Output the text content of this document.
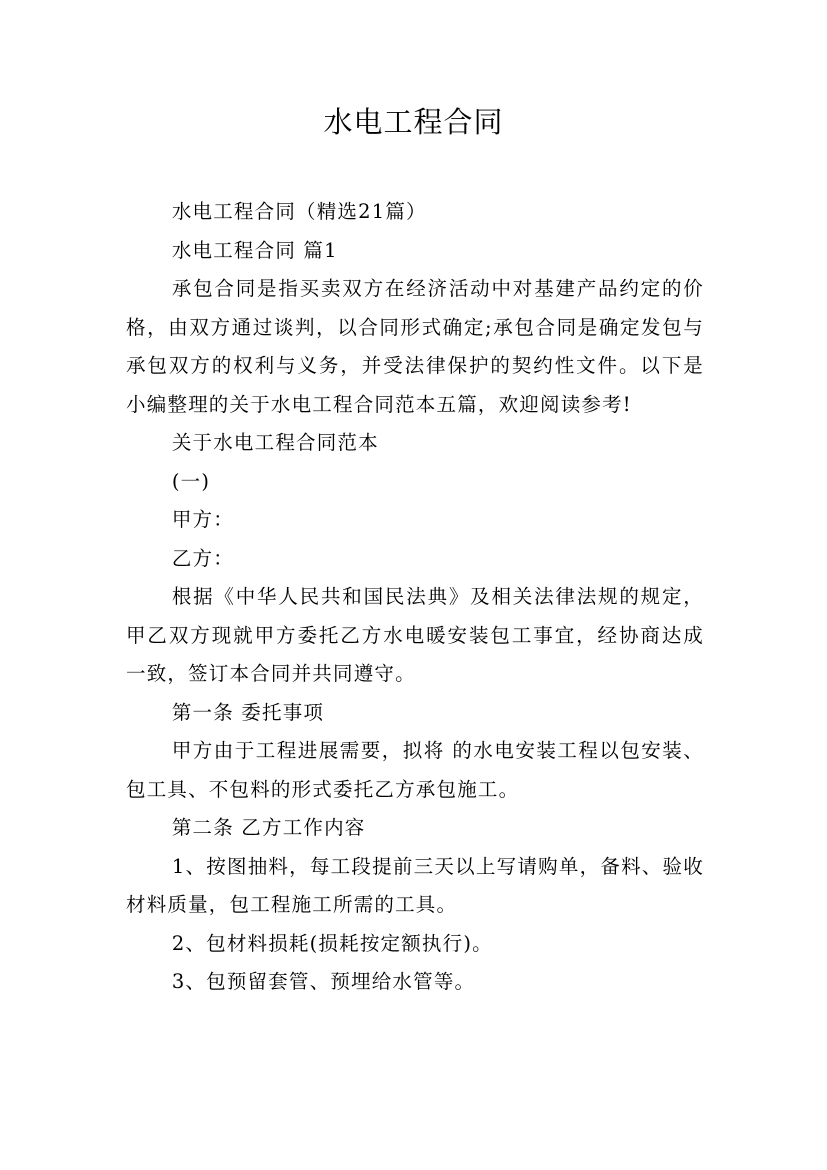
水电工程合同

水电工程合同（精选21篇）

水电工程合同 篇1

承包合同是指买卖双方在经济活动中对基建产品约定的价格，由双方通过谈判，以合同形式确定;承包合同是确定发包与承包双方的权利与义务，并受法律保护的契约性文件。以下是小编整理的关于水电工程合同范本五篇，欢迎阅读参考!

关于水电工程合同范本

(一)

甲方：

乙方：

根据《中华人民共和国民法典》及相关法律法规的规定，甲乙双方现就甲方委托乙方水电暖安装包工事宜，经协商达成一致，签订本合同并共同遵守。

第一条 委托事项

甲方由于工程进展需要，拟将 的水电安装工程以包安装、包工具、不包料的形式委托乙方承包施工。

第二条 乙方工作内容

1、按图抽料，每工段提前三天以上写请购单，备料、验收材料质量，包工程施工所需的工具。

2、包材料损耗(损耗按定额执行)。

3、包预留套管、预埋给水管等。
